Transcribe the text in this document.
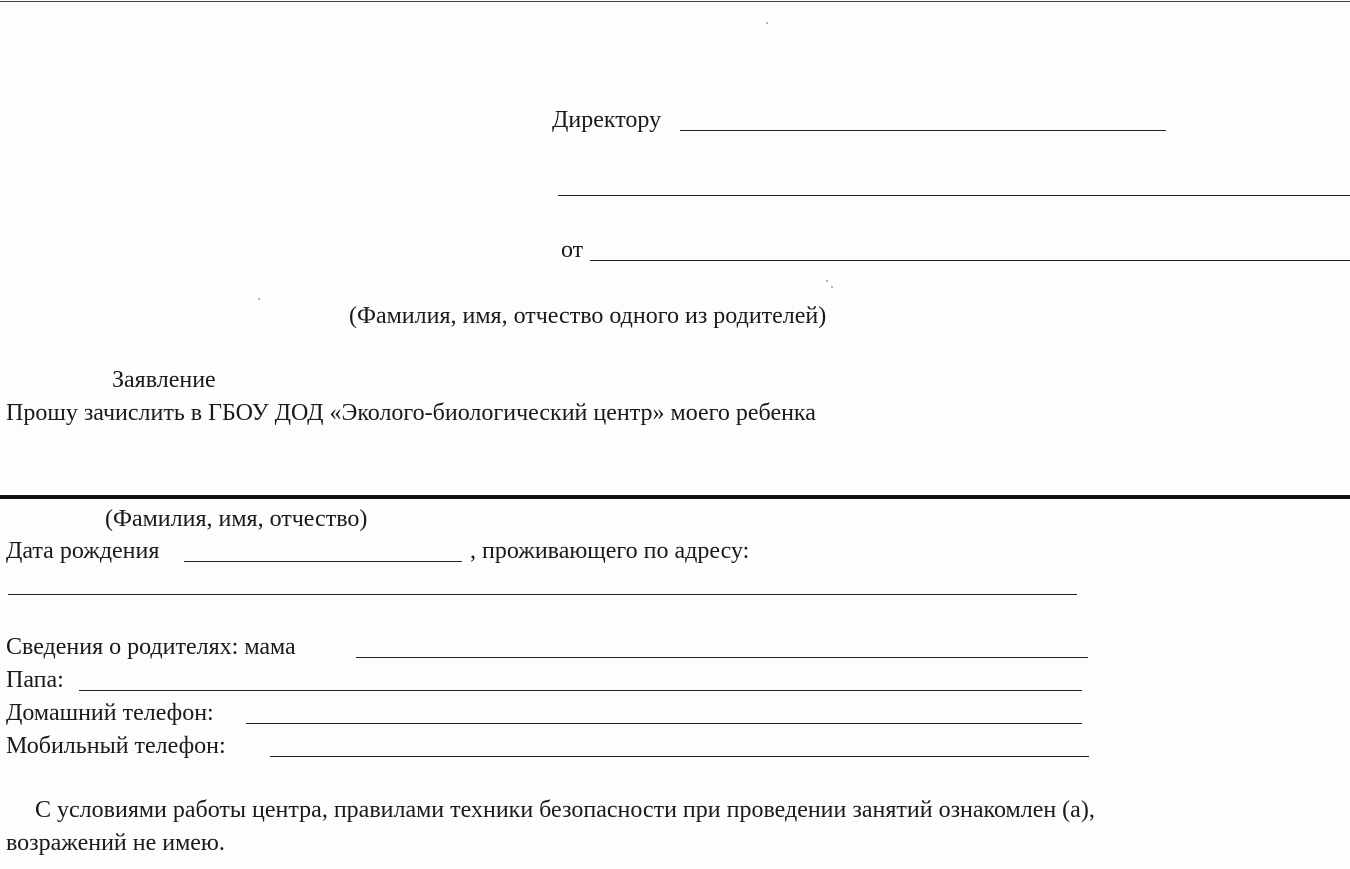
Директору
от
(Фамилия, имя, отчество одного из родителей)
Заявление
Прошу зачислить в ГБОУ ДОД «Эколого-биологический центр» моего ребенка
(Фамилия, имя, отчество)
Дата рождения	, проживающего по адресу:
Сведения о родителях: мама
Папа:
Домашний телефон:
Мобильный телефон:
С условиями работы центра, правилами техники безопасности при проведении занятий ознакомлен (а),
возражений не имею.
